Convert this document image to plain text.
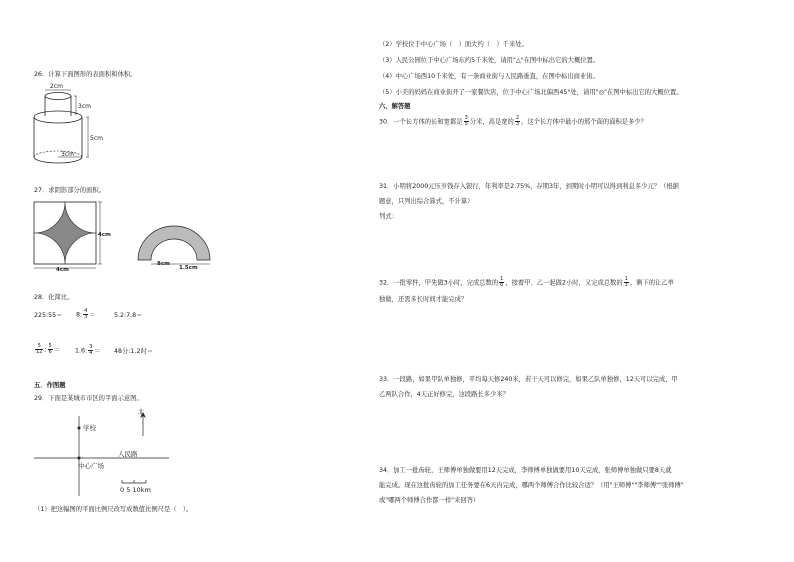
26．计算下面图形的表面积和体积。
2cm
3cm
5cm
3cm
27．求阴影部分的面积。
4cm
4cm
8cm
1.5cm
28．化简比。
225:55＝ 8: $\frac{4}{3}$ ＝	5.2:7.8＝
$\frac{5}{12}$ : $\frac{5}{6} = 1.6$: $\frac{3}{4} = 48$分:1.2时＝
五．作图题
29．下面是某城市市区的平面示意图。
学校
中心广场
人民路
北
0 5 10km
（1）把这幅图的平面比例尺改写成数值比例尺是（　）。
（2）学校位于中心广场（　）面大约（　）千米处。
（3）人民公园位于中心广场东约5千米处，请用"△"在图中标出它的大概位置。
（4）中心广场西10千米处，有一条商业街与人民路垂直，在图中标出商业街。
（5）小美的妈妈在商业街开了一家餐饮店，位于中心广场北偏西45°处，请用"◎"在图中标出它的大概位置。
六、解答题
30．一个长方体的长和宽都是 $\frac{3}{5}$ 分米，高是宽的 $\frac{2}{3}$ 。这个长方体中最小的那个面的面积是多少？
31．小明将2000元压岁钱存入银行，年利率是2.75%，存期3年，到期时小明可以得到利息多少元？（根据
题意，只列出综合算式，不计算）
列式：
32．一批零件，甲先做3小时，完成总数的 $\frac{1}{6}$ ，接着甲、乙一起做2小时，又完成总数的 $\frac{1}{3}$ ，剩下的让乙单
独做，还需多长时间才能完成？
33．一段路，如果甲队单独修，平均每天修240米，若干天可以修完，如果乙队单独修，12天可以完成，甲
乙两队合作，4天正好修完，这段路长多少米？
34．加工一批齿轮，王师傅单独做要用12天完成，李师傅单独做要用10天完成，张师傅单独做只要8天就
能完成。现在这批齿轮的加工任务要在6天内完成，哪两个师傅合作比较合适？（用"王师傅""李师傅""张师傅"
或"哪两个师傅合作都一样"来回答）
